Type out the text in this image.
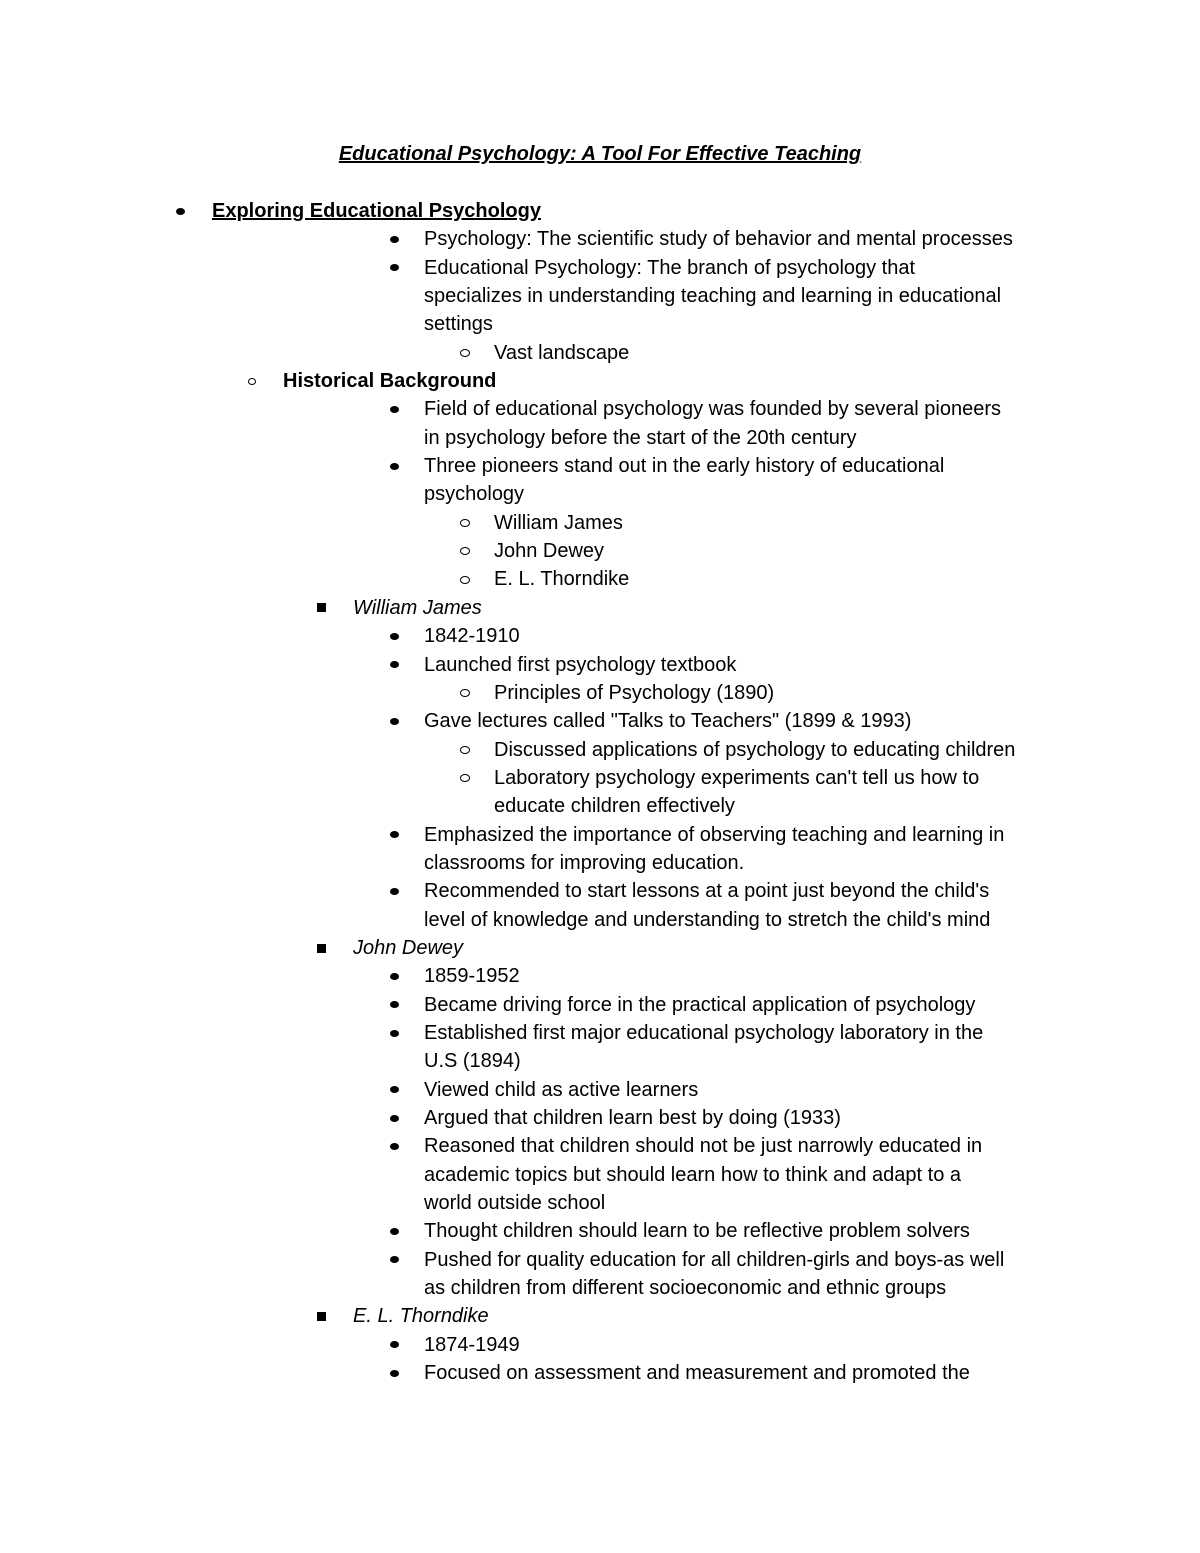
Educational Psychology: A Tool For Effective Teaching
Exploring Educational Psychology
Psychology: The scientific study of behavior and mental processes
Educational Psychology: The branch of psychology that
specializes in understanding teaching and learning in educational
settings
Vast landscape
Historical Background
Field of educational psychology was founded by several pioneers
in psychology before the start of the 20th century
Three pioneers stand out in the early history of educational
psychology
William James
John Dewey
E. L. Thorndike
William James
1842-1910
Launched first psychology textbook
Principles of Psychology (1890)
Gave lectures called "Talks to Teachers" (1899 & 1993)
Discussed applications of psychology to educating children
Laboratory psychology experiments can't tell us how to
educate children effectively
Emphasized the importance of observing teaching and learning in
classrooms for improving education.
Recommended to start lessons at a point just beyond the child's
level of knowledge and understanding to stretch the child's mind
John Dewey
1859-1952
Became driving force in the practical application of psychology
Established first major educational psychology laboratory in the
U.S (1894)
Viewed child as active learners
Argued that children learn best by doing (1933)
Reasoned that children should not be just narrowly educated in
academic topics but should learn how to think and adapt to a
world outside school
Thought children should learn to be reflective problem solvers
Pushed for quality education for all children-girls and boys-as well
as children from different socioeconomic and ethnic groups
E. L. Thorndike
1874-1949
Focused on assessment and measurement and promoted the
